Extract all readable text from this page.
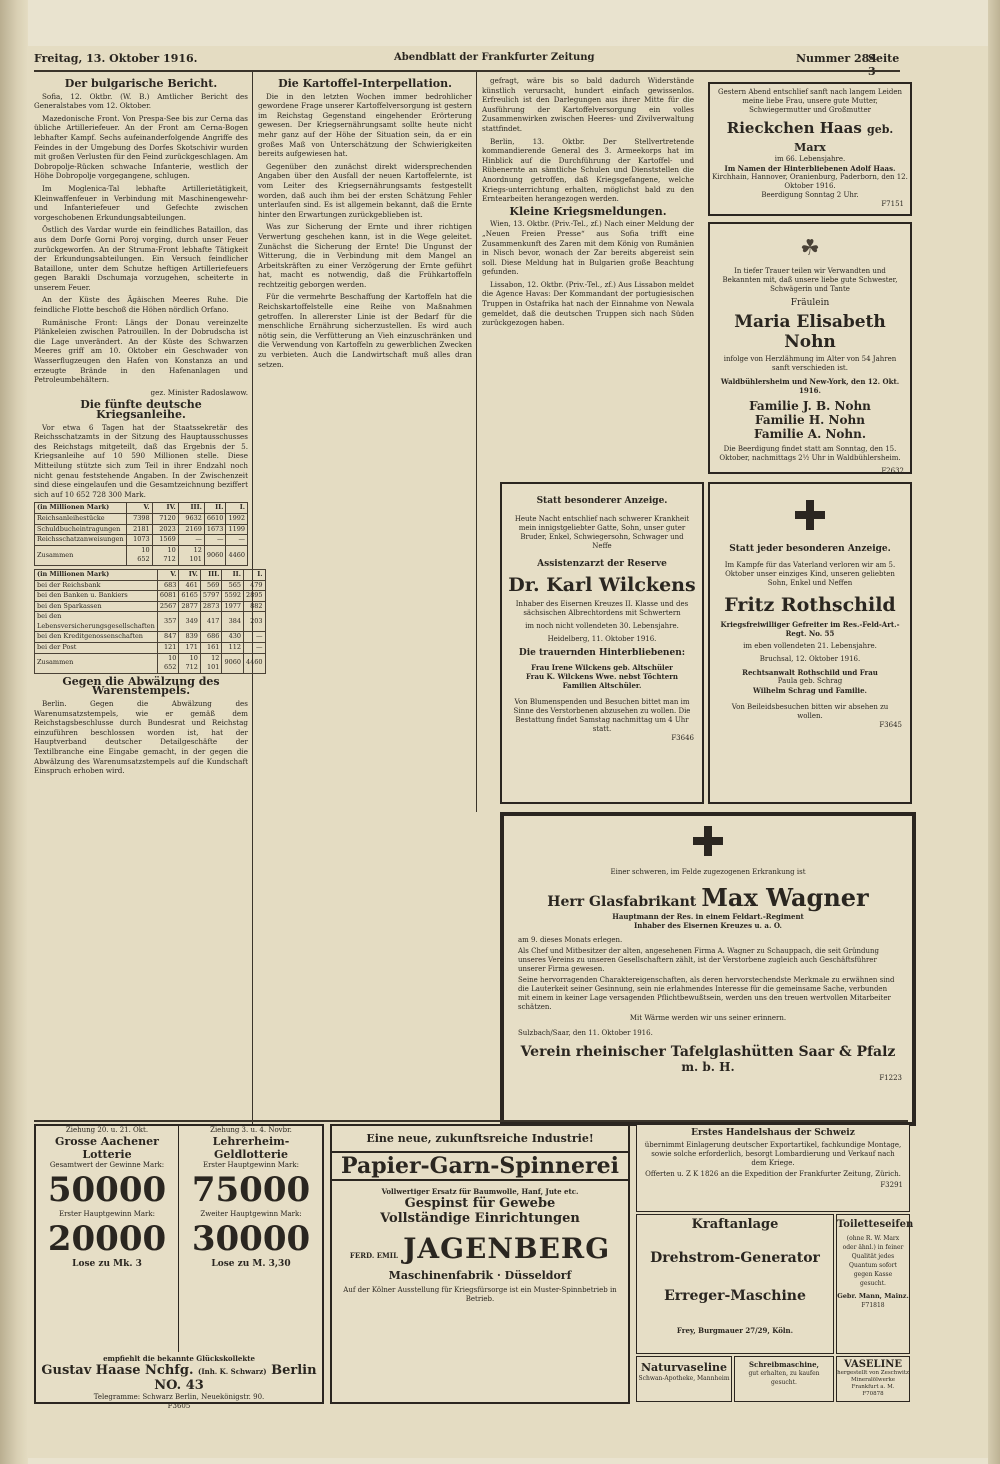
Freitag, 13. Oktober 1916.	Abendblatt der Frankfurter Zeitung	Nummer 284
Seite
Der bulgarische Bericht.

Sofia, 12. Oktbr. (W. B.) Amtlicher Bericht des Generalstabes vom 12. Oktober.

Mazedonische Front. Von Prespa-See bis zur Cerna das übliche Artilleriefeuer. An der Front am Cerna-Bogen lebhafter Kampf. Sechs aufeinanderfolgende Angriffe des Feindes in der Umgebung des Dorfes Skotschivir wurden mit großen Verlusten für den Feind zurückgeschlagen. Am Dobropolje-Rücken schwache Infanterie, westlich der Höhe Dobropolje vorgegangene, schlugen.

Im Moglenica-Tal lebhafte Artillerietätigkeit, Kleinwaffenfeuer in Verbindung mit Maschinengewehr- und Infanteriefeuer und Gefechte zwischen vorgeschobenen Erkundungsabteilungen.

Östlich des Vardar wurde ein feindliches Bataillon, das aus dem Dorfe Gorni Poroj vorging, durch unser Feuer zurückgeworfen. An der Struma-Front lebhafte Tätigkeit der Erkundungsabteilungen. Ein Versuch feindlicher Bataillone, unter dem Schutze heftigen Artilleriefeuers gegen Barakli Dschumaja vorzugehen, scheiterte in unserem Feuer.

An der Küste des Ägäischen Meeres Ruhe. Die feindliche Flotte beschoß die Höhen nördlich Orfano.

Rumänische Front: Längs der Donau vereinzelte Plänkeleien zwischen Patrouillen. In der Dobrudscha ist die Lage unverändert. An der Küste des Schwarzen Meeres griff am 10. Oktober ein Geschwader von Wasserflugzeugen den Hafen von Konstanza an und erzeugte Brände in den Hafenanlagen und Petroleumbehältern.

gez. Minister Radoslawow.

Die fünfte deutsche Kriegsanleihe.

Vor etwa 6 Tagen hat der Staatssekretär des Reichsschatzamts in der Sitzung des Hauptausschusses des Reichstags mitgeteilt, daß das Ergebnis der 5. Kriegsanleihe auf 10 590 Millionen stelle. Diese Mitteilung stützte sich zum Teil in ihrer Endzahl noch nicht genau feststehende Angaben. In der Zwischenzeit sind diese eingelaufen und die Gesamtzeichnung beziffert sich auf 10 652 728 300 Mark.

(in Millionen Mark)	V.	IV.	III.	II.	I.
Reichsanleihestücke	7398	7120	9632	6610	1992
Schuldbucheintragungen	2181	2023	2169	1673	1199
Reichsschatzanweisungen	1073	1569	—	—	—
Zusammen	10 652	10 712	12 101	9060	4460
(in Millionen Mark)	V.	IV.	III.	II.	I.
bei der Reichsbank	683	461	569	565	479
bei den Banken u. Bankiers	6081	6165	5797	5592	2895
bei den Sparkassen	2567	2877	2873	1977	882
bei den Lebensversicherungsgesellschaften	357	349	417	384	203
bei den Kreditgenossenschaften	847	839	686	430	—
bei der Post	121	171	161	112	—
Zusammen	10 652	10 712	12 101	9060	4460
Gegen die Abwälzung des Warenstempels.

Berlin. Gegen die Abwälzung des Warenumsatzstempels, wie er gemäß dem Reichstagsbeschlusse durch Bundesrat und Reichstag einzuführen beschlossen worden ist, hat der Hauptverband deutscher Detailgeschäfte der Textilbranche eine Eingabe gemacht, in der gegen die Abwälzung des Warenumsatzstempels auf die Kundschaft Einspruch erhoben wird.

Die Kartoffel-Interpellation.

Die in den letzten Wochen immer bedrohlicher gewordene Frage unserer Kartoffelversorgung ist gestern im Reichstag Gegenstand eingehender Erörterung gewesen. Der Kriegsernährungsamt sollte heute nicht mehr ganz auf der Höhe der Situation sein, da er ein großes Maß von Unterschätzung der Schwierigkeiten bereits aufgewiesen hat.

Gegenüber den zunächst direkt widersprechenden Angaben über den Ausfall der neuen Kartoffelernte, ist vom Leiter des Kriegsernährungsamts festgestellt worden, daß auch ihm bei der ersten Schätzung Fehler unterlaufen sind. Es ist allgemein bekannt, daß die Ernte hinter den Erwartungen zurückgeblieben ist.

Was zur Sicherung der Ernte und ihrer richtigen Verwertung geschehen kann, ist in die Wege geleitet. Zunächst die Sicherung der Ernte! Die Ungunst der Witterung, die in Verbindung mit dem Mangel an Arbeitskräften zu einer Verzögerung der Ernte geführt hat, macht es notwendig, daß die Frühkartoffeln rechtzeitig geborgen werden.

Für die vermehrte Beschaffung der Kartoffeln hat die Reichskartoffelstelle eine Reihe von Maßnahmen getroffen. In allererster Linie ist der Bedarf für die menschliche Ernährung sicherzustellen. Es wird auch nötig sein, die Verfütterung an Vieh einzuschränken und die Verwendung von Kartoffeln zu gewerblichen Zwecken zu verbieten. Auch die Landwirtschaft muß alles dran setzen.

gefragt, wäre bis so bald dadurch Widerstände künstlich verursacht, hundert einfach gewissenlos. Erfreulich ist den Darlegungen aus ihrer Mitte für die Ausführung der Kartoffelversorgung ein volles Zusammenwirken zwischen Heeres- und Zivilverwaltung stattfindet.

Berlin, 13. Oktbr. Der Stellvertretende kommandierende General des 3. Armeekorps hat im Hinblick auf die Durchführung der Kartoffel- und Rübenernte an sämtliche Schulen und Dienststellen die Anordnung getroffen, daß Kriegsgefangene, welche Kriegs-unterrichtung erhalten, möglichst bald zu den Erntearbeiten herangezogen werden.

Kleine Kriegsmeldungen.

Wien, 13. Oktbr. (Priv.-Tel., zf.) Nach einer Meldung der „Neuen Freien Presse“ aus Sofia trifft eine Zusammenkunft des Zaren mit dem König von Rumänien in Nisch bevor, wonach der Zar bereits abgereist sein soll. Diese Meldung hat in Bulgarien große Beachtung gefunden.

Lissabon, 12. Oktbr. (Priv.-Tel., zf.) Aus Lissabon meldet die Agence Havas: Der Kommandant der portugiesischen Truppen in Ostafrika hat nach der Einnahme von Newala gemeldet, daß die deutschen Truppen sich nach Süden zurückgezogen haben.

Gestern Abend entschlief sanft nach langem Leiden meine liebe Frau, unsere gute Mutter, Schwiegermutter und Großmutter
Rieckchen Haas geb. Marx
im 66. Lebensjahre.
Im Namen der Hinterbliebenen Adolf Haas.
Kirchhain, Hannover, Oranienburg, Paderborn, den 12. Oktober 1916.
Beerdigung Sonntag 2 Uhr.
F7151
☘
In tiefer Trauer teilen wir Verwandten und Bekannten mit, daß unsere liebe gute Schwester, Schwägerin und Tante
Fräulein
Maria Elisabeth Nohn
infolge von Herzlähmung im Alter von 54 Jahren sanft verschieden ist.
Waldbühlersheim und New-York, den 12. Okt. 1916.
Familie J. B. Nohn
Familie H. Nohn
Familie A. Nohn.
Die Beerdigung findet statt am Sonntag, den 15. Oktober, nachmittags 2½ Uhr in Waldbühlersheim.
F2632
Statt besonderer Anzeige.
Heute Nacht entschlief nach schwerer Krankheit mein innigstgeliebter Gatte, Sohn, unser guter Bruder, Enkel, Schwiegersohn, Schwager und Neffe
Assistenzarzt der Reserve
Dr. Karl Wilckens
Inhaber des Eisernen Kreuzes II. Klasse und des sächsischen Albrechtordens mit Schwertern
im noch nicht vollendeten 30. Lebensjahre.
Heidelberg, 11. Oktober 1916.
Die trauernden Hinterbliebenen:
Frau Irene Wilckens geb. Altschüler
Frau K. Wilckens Wwe. nebst Töchtern
Familien Altschüler.
Von Blumenspenden und Besuchen bittet man im Sinne des Verstorbenen abzusehen zu wollen. Die Bestattung findet Samstag nachmittag um 4 Uhr statt.
F3646
Statt jeder besonderen Anzeige.
Im Kampfe für das Vaterland verloren wir am 5. Oktober unser einziges Kind, unseren geliebten Sohn, Enkel und Neffen
Fritz Rothschild
Kriegsfreiwilliger Gefreiter im Res.-Feld-Art.-Regt. No. 55
im eben vollendeten 21. Lebensjahre.
Bruchsal, 12. Oktober 1916.
Rechtsanwalt Rothschild und Frau
Paula geb. Schrag
Wilhelm Schrag und Familie.
Von Beileidsbesuchen bitten wir absehen zu wollen.
F3645
Einer schweren, im Felde zugezogenen Erkrankung ist
Herr Glasfabrikant Max Wagner
Hauptmann der Res. in einem Feldart.-Regiment
Inhaber des Eisernen Kreuzes u. a. O.
am 9. dieses Monats erlegen.
Als Chef und Mitbesitzer der alten, angesehenen Firma A. Wagner zu Schauppach, die seit Gründung unseres Vereins zu unseren Gesellschaftern zählt, ist der Verstorbene zugleich auch Geschäftsführer unserer Firma gewesen.
Seine hervorragenden Charaktereigenschaften, als deren hervorstechendste Merkmale zu erwähnen sind die Lauterkeit seiner Gesinnung, sein nie erlahmendes Interesse für die gemeinsame Sache, verbunden mit einem in keiner Lage versagenden Pflichtbewußtsein, werden uns den treuen wertvollen Mitarbeiter schätzen.
Mit Wärme werden wir uns seiner erinnern.
Sulzbach/Saar, den 11. Oktober 1916.
Verein rheinischer Tafelglashütten Saar & Pfalz
m. b. H.
F1223
Ziehung 20. u. 21. Okt.
Grosse Aachener Lotterie
Gesamtwert der Gewinne Mark:
50000
Erster Hauptgewinn Mark:
20000
Lose zu Mk. 3
Ziehung 3. u. 4. Novbr.
Lehrerheim-Geldlotterie
Erster Hauptgewinn Mark:
75000
Zweiter Hauptgewinn Mark:
30000
Lose zu M. 3,30
empfiehlt die bekannte Glückskollekte
Gustav Haase Nchfg. (Inh. K. Schwarz) Berlin NO. 43
Telegramme: Schwarz Berlin, Neuekönigstr. 90.
F3605
Eine neue, zukunftsreiche Industrie!
Papier-Garn-Spinnerei
Vollwertiger Ersatz für Baumwolle, Hanf, Jute etc.
Gespinst für Gewebe
Vollständige Einrichtungen
FERD. EMIL JAGENBERG
Maschinenfabrik · Düsseldorf
Auf der Kölner Ausstellung für Kriegsfürsorge ist ein Muster-Spinnbetrieb in Betrieb.
Erstes Handelshaus der Schweiz
übernimmt Einlagerung deutscher Exportartikel, fachkundige Montage, sowie solche erforderlich, besorgt Lombardierung und Verkauf nach dem Kriege.
Offerten u. Z K 1826 an die Expedition der Frankfurter Zeitung, Zürich.
F3291
Kraftanlage
Drehstrom-Generator
Erreger-Maschine
Frey, Burgmauer 27/29, Köln.
Toiletteseifen
(ohne R. W. Marx oder ähnl.) in feiner Qualität jedes Quantum sofort gegen Kasse gesucht.
Gebr. Mann, Mainz.
F71818
Naturvaseline
Schwan-Apotheke, Mannheim
Schreibmaschine,
gut erhalten, zu kaufen gesucht.
VASELINE
hergestellt von Zeschwitz Mineralölwerke Frankfurt a. M.
F70878
